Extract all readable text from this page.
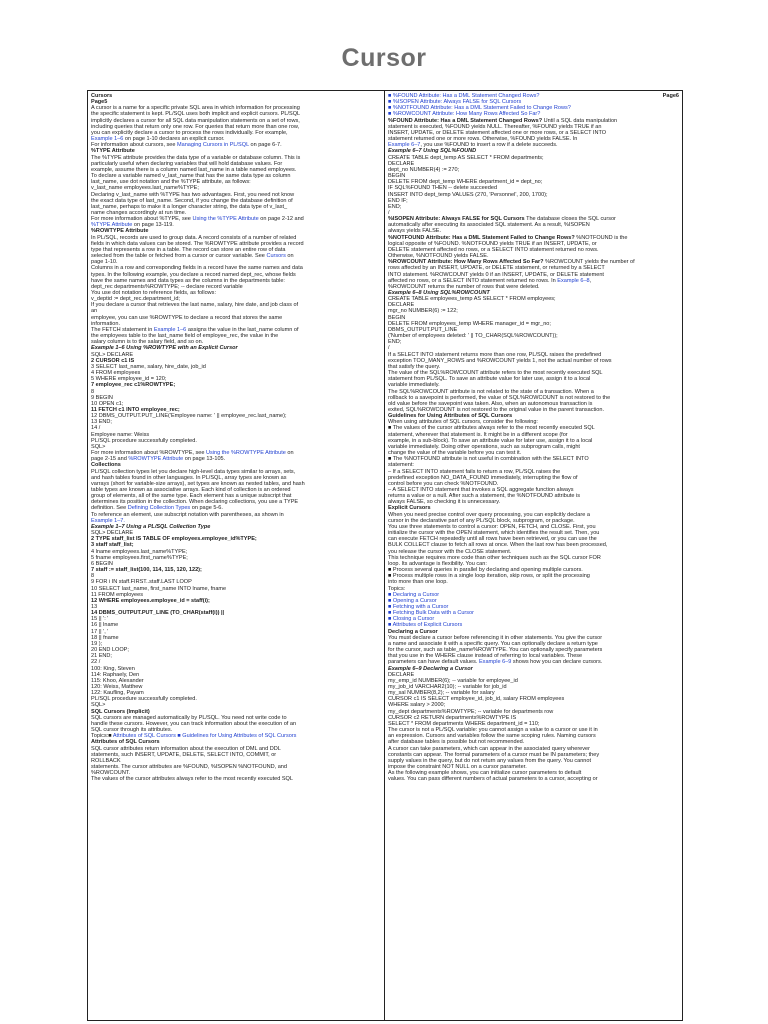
Cursor
Cursors
Page5
A cursor is a name for a specific private SQL area in which information for processing
the specific statement is kept. PL/SQL uses both implicit and explicit cursors. PL/SQL
implicitly declares a cursor for all SQL data manipulation statements on a set of rows,
including queries that return only one row. For queries that return more than one row,
you can explicitly declare a cursor to process the rows individually. For example,
Example 1–6 on page 1-10 declares an explicit cursor.
For information about cursors, see Managing Cursors in PL/SQL on page 6-7.
%TYPE Attribute
The %TYPE attribute provides the data type of a variable or database column. This is
particularly useful when declaring variables that will hold database values. For
example, assume there is a column named last_name in a table named employees.
To declare a variable named v_last_name that has the same data type as column
last_name, use dot notation and the %TYPE attribute, as follows:
v_last_name employees.last_name%TYPE;
Declaring v_last_name with %TYPE has two advantages. First, you need not know
the exact data type of last_name. Second, if you change the database definition of
last_name, perhaps to make it a longer character string, the data type of v_last_
name changes accordingly at run time.
For more information about %TYPE, see Using the %TYPE Attribute on page 2-12 and
%TYPE Attribute on page 13-119.
%ROWTYPE Attribute
In PL/SQL, records are used to group data. A record consists of a number of related
fields in which data values can be stored. The %ROWTYPE attribute provides a record
type that represents a row in a table. The record can store an entire row of data
selected from the table or fetched from a cursor or cursor variable. See Cursors on
page 1-10.
Columns in a row and corresponding fields in a record have the same names and data
types. In the following example, you declare a record named dept_rec, whose fields
have the same names and data types as the columns in the departments table:
dept_rec departments%ROWTYPE; -- declare record variable
You use dot notation to reference fields, as follows:
v_deptid := dept_rec.department_id;
If you declare a cursor that retrieves the last name, salary, hire date, and job class of
an
employee, you can use %ROWTYPE to declare a record that stores the same
information.
The FETCH statement in Example 1–6 assigns the value in the last_name column of
the employees table to the last_name field of employee_rec, the value in the
salary column is to the salary field, and so on.
Example 1–6 Using %ROWTYPE with an Explicit Cursor
SQL> DECLARE
2 CURSOR c1 IS
3 SELECT last_name, salary, hire_date, job_id
4 FROM employees
5 WHERE employee_id = 120;
7 employee_rec c1%ROWTYPE;
8
9 BEGIN
10 OPEN c1;
11 FETCH c1 INTO employee_rec;
12 DBMS_OUTPUT.PUT_LINE('Employee name: ' || employee_rec.last_name);
13 END;
14 /
Employee name: Weiss
PL/SQL procedure successfully completed.
SQL>
For more information about %ROWTYPE, see Using the %ROWTYPE Attribute on
page 2-15 and %ROWTYPE Attribute on page 13-105.
Collections
PL/SQL collection types let you declare high-level data types similar to arrays, sets,
and hash tables found in other languages. In PL/SQL, array types are known as
varrays (short for variable-size arrays), set types are known as nested tables, and hash
table types are known as associative arrays. Each kind of collection is an ordered
group of elements, all of the same type. Each element has a unique subscript that
determines its position in the collection. When declaring collections, you use a TYPE
definition. See Defining Collection Types on page 5-6.
To reference an element, use subscript notation with parentheses, as shown in
Example 1–7.
Example 1–7 Using a PL/SQL Collection Type
SQL> DECLARE
2 TYPE staff_list IS TABLE OF employees.employee_id%TYPE;
3 staff staff_list;
4 lname employees.last_name%TYPE;
5 fname employees.first_name%TYPE;
6 BEGIN
7 staff := staff_list(100, 114, 115, 120, 122);
8
9 FOR i IN staff.FIRST..staff.LAST LOOP
10 SELECT last_name, first_name INTO lname, fname
11 FROM employees
12 WHERE employees.employee_id = staff(i);
13
14 DBMS_OUTPUT.PUT_LINE (TO_CHAR(staff(i)) ||
15 || ': '
16 || lname
17 || ', '
18 || fname
19 );
20 END LOOP;
21 END;
22 /
100: King, Steven
114: Raphaely, Den
115: Khoo, Alexander
120: Weiss, Matthew
122: Kaufling, Payam
PL/SQL procedure successfully completed.
SQL>
SQL Cursors (Implicit)
SQL cursors are managed automatically by PL/SQL. You need not write code to
handle these cursors. However, you can track information about the execution of an
SQL cursor through its attributes.
Topics:■ Attributes of SQL Cursors ■ Guidelines for Using Attributes of SQL Cursors
Attributes of SQL Cursors
SQL cursor attributes return information about the execution of DML and DDL
statements, such INSERT, UPDATE, DELETE, SELECT INTO, COMMIT, or
ROLLBACK
statements. The cursor attributes are %FOUND, %ISOPEN %NOTFOUND, and
%ROWCOUNT.
The values of the cursor attributes always refer to the most recently executed SQL
Page6
■ %FOUND Attribute: Has a DML Statement Changed Rows?
■ %ISOPEN Attribute: Always FALSE for SQL Cursors
■ %NOTFOUND Attribute: Has a DML Statement Failed to Change Rows?
■ %ROWCOUNT Attribute: How Many Rows Affected So Far?
%FOUND Attribute: Has a DML Statement Changed Rows? Until a SQL data manipulation
statement is executed, %FOUND yields NULL. Thereafter, %FOUND yields TRUE if an
INSERT, UPDATE, or DELETE statement affected one or more rows, or a SELECT INTO
statement returned one or more rows. Otherwise, %FOUND yields FALSE. In
Example 6–7, you use %FOUND to insert a row if a delete succeeds.
Example 6–7 Using SQL%FOUND
CREATE TABLE dept_temp AS SELECT * FROM departments;
DECLARE
dept_no NUMBER(4) := 270;
BEGIN
DELETE FROM dept_temp WHERE department_id = dept_no;
IF SQL%FOUND THEN -- delete succeeded
INSERT INTO dept_temp VALUES (270, 'Personnel', 200, 1700);
END IF;
END;
/
%ISOPEN Attribute: Always FALSE for SQL Cursors The database closes the SQL cursor
automatically after executing its associated SQL statement. As a result, %ISOPEN
always yields FALSE.
%NOTFOUND Attribute: Has a DML Statement Failed to Change Rows? %NOTFOUND is the
logical opposite of %FOUND. %NOTFOUND yields TRUE if an INSERT, UPDATE, or
DELETE statement affected no rows, or a SELECT INTO statement returned no rows.
Otherwise, %NOTFOUND yields FALSE.
%ROWCOUNT Attribute: How Many Rows Affected So Far? %ROWCOUNT yields the number of
rows affected by an INSERT, UPDATE, or DELETE statement, or returned by a SELECT
INTO statement. %ROWCOUNT yields 0 if an INSERT, UPDATE, or DELETE statement
affected no rows, or a SELECT INTO statement returned no rows. In Example 6–8,
%ROWCOUNT returns the number of rows that were deleted.
Example 6–8 Using SQL%ROWCOUNT
CREATE TABLE employees_temp AS SELECT * FROM employees;
DECLARE
mgr_no NUMBER(6) := 122;
BEGIN
DELETE FROM employees_temp WHERE manager_id = mgr_no;
DBMS_OUTPUT.PUT_LINE
('Number of employees deleted: ' || TO_CHAR(SQL%ROWCOUNT));
END;
/
If a SELECT INTO statement returns more than one row, PL/SQL raises the predefined
exception TOO_MANY_ROWS and %ROWCOUNT yields 1, not the actual number of rows
that satisfy the query.
The value of the SQL%ROWCOUNT attribute refers to the most recently executed SQL
statement from PL/SQL. To save an attribute value for later use, assign it to a local
variable immediately.
The SQL%ROWCOUNT attribute is not related to the state of a transaction. When a
rollback to a savepoint is performed, the value of SQL%ROWCOUNT is not restored to the
old value before the savepoint was taken. Also, when an autonomous transaction is
exited, SQL%ROWCOUNT is not restored to the original value in the parent transaction.
Guidelines for Using Attributes of SQL Cursors
When using attributes of SQL cursors, consider the following:
■ The values of the cursor attributes always refer to the most recently executed SQL
statement, wherever that statement is. It might be in a different scope (for
example, in a sub-block). To save an attribute value for later use, assign it to a local
variable immediately. Doing other operations, such as subprogram calls, might
change the value of the variable before you can test it.
■ The %NOTFOUND attribute is not useful in combination with the SELECT INTO
statement:
– If a SELECT INTO statement fails to return a row, PL/SQL raises the
predefined exception NO_DATA_FOUND immediately, interrupting the flow of
control before you can check %NOTFOUND.
– A SELECT INTO statement that invokes a SQL aggregate function always
returns a value or a null. After such a statement, the %NOTFOUND attribute is
always FALSE, so checking it is unnecessary.
Explicit Cursors
When you need precise control over query processing, you can explicitly declare a
cursor in the declarative part of any PL/SQL block, subprogram, or package.
You use three statements to control a cursor: OPEN, FETCH, and CLOSE. First, you
initialize the cursor with the OPEN statement, which identifies the result set. Then, you
can execute FETCH repeatedly until all rows have been retrieved, or you can use the
BULK COLLECT clause to fetch all rows at once. When the last row has been processed,
you release the cursor with the CLOSE statement.
This technique requires more code than other techniques such as the SQL cursor FOR
loop. Its advantage is flexibility. You can:
■ Process several queries in parallel by declaring and opening multiple cursors.
■ Process multiple rows in a single loop iteration, skip rows, or split the processing
into more than one loop.
Topics:
■ Declaring a Cursor
■ Opening a Cursor
■ Fetching with a Cursor
■ Fetching Bulk Data with a Cursor
■ Closing a Cursor
■ Attributes of Explicit Cursors
Declaring a Cursor
You must declare a cursor before referencing it in other statements. You give the cursor
a name and associate it with a specific query. You can optionally declare a return type
for the cursor, such as table_name%ROWTYPE. You can optionally specify parameters
that you use in the WHERE clause instead of referring to local variables. These
parameters can have default values. Example 6–9 shows how you can declare cursors.
Example 6–9 Declaring a Cursor
DECLARE
my_emp_id NUMBER(6); -- variable for employee_id
my_job_id VARCHAR2(10); -- variable for job_id
my_sal NUMBER(8,2); -- variable for salary
CURSOR c1 IS SELECT employee_id, job_id, salary FROM employees
WHERE salary > 2000;
my_dept departments%ROWTYPE; -- variable for departments row
CURSOR c2 RETURN departments%ROWTYPE IS
SELECT * FROM departments WHERE department_id = 110;
The cursor is not a PL/SQL variable: you cannot assign a value to a cursor or use it in
an expression. Cursors and variables follow the same scoping rules. Naming cursors
after database tables is possible but not recommended.
A cursor can take parameters, which can appear in the associated query wherever
constants can appear. The formal parameters of a cursor must be IN parameters; they
supply values in the query, but do not return any values from the query. You cannot
impose the constraint NOT NULL on a cursor parameter.
As the following example shows, you can initialize cursor parameters to default
values. You can pass different numbers of actual parameters to a cursor, accepting or
